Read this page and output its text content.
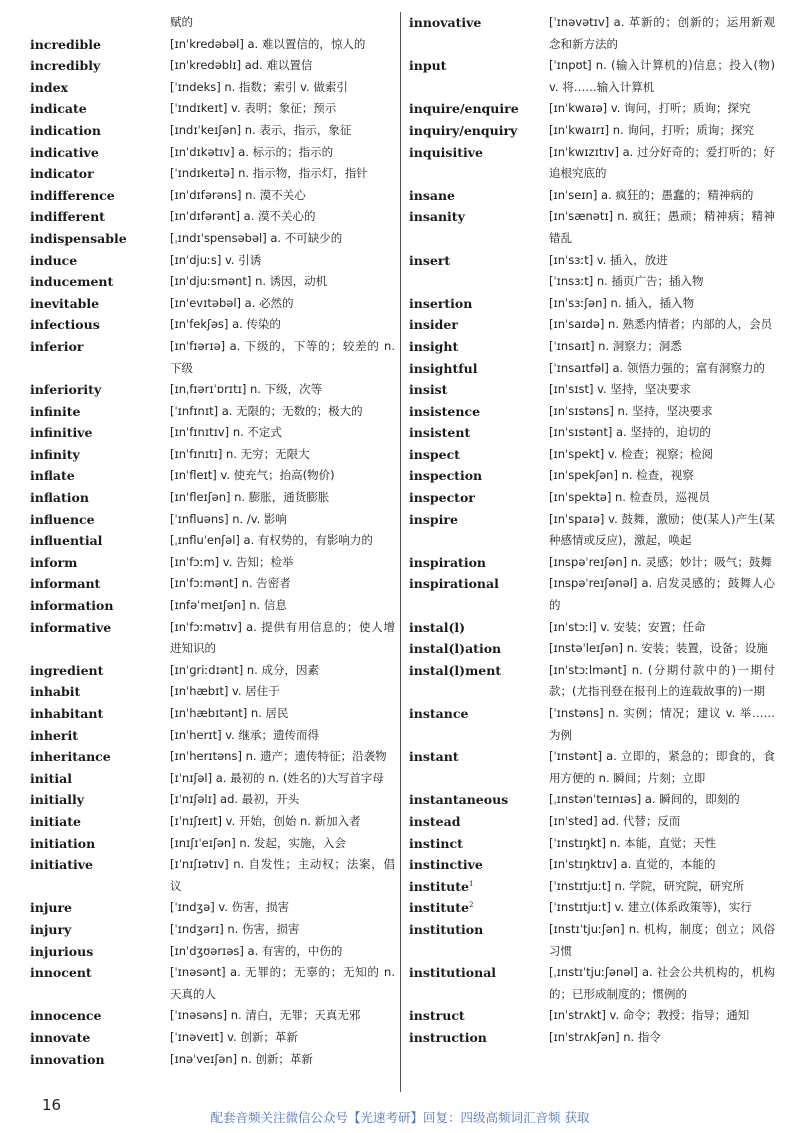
赋的
incredible	[ɪnˈkredəbəl] a. 难以置信的，惊人的
incredibly	[ɪnˈkredəblɪ] ad. 难以置信
index	[ˈɪndeks] n. 指数；索引 v. 做索引
indicate	[ˈɪndɪkeɪt] v. 表明；象征；预示
indication	[ɪndɪˈkeɪʃən] n. 表示，指示，象征
indicative	[ɪnˈdɪkətɪv] a. 标示的；指示的
indicator	[ˈɪndɪkeɪtə] n. 指示物，指示灯，指针
indifference	[ɪnˈdɪfərəns] n. 漠不关心
indifferent	[ɪnˈdɪfərənt] a. 漠不关心的
indispensable	[ˌɪndɪˈspensəbəl] a. 不可缺少的
induce	[ɪnˈdjuːs] v. 引诱
inducement	[ɪnˈdjuːsmənt] n. 诱因，动机
inevitable	[ɪnˈevɪtəbəl] a. 必然的
infectious	[ɪnˈfekʃəs] a. 传染的
inferior	[ɪnˈfɪərɪə] a. 下级的，下等的；较差的 n. 下级
inferiority	[ɪnˌfɪərɪˈɒrɪtɪ] n. 下级，次等
infinite	[ˈɪnfɪnɪt] a. 无限的；无数的；极大的
infinitive	[ɪnˈfɪnɪtɪv] n. 不定式
infinity	[ɪnˈfɪnɪtɪ] n. 无穷；无限大
inflate	[ɪnˈfleɪt] v. 使充气；抬高(物价)
inflation	[ɪnˈfleɪʃən] n. 膨胀，通货膨胀
influence	[ˈɪnfluəns] n. /v. 影响
influential	[ˌɪnfluˈenʃəl] a. 有权势的，有影响力的
inform	[ɪnˈfɔːm] v. 告知；检举
informant	[ɪnˈfɔːmənt] n. 告密者
information	[ɪnfəˈmeɪʃən] n. 信息
informative	[ɪnˈfɔːmətɪv] a. 提供有用信息的；使人增进知识的
ingredient	[ɪnˈɡriːdɪənt] n. 成分，因素
inhabit	[ɪnˈhæbɪt] v. 居住于
inhabitant	[ɪnˈhæbɪtənt] n. 居民
inherit	[ɪnˈherɪt] v. 继承；遗传而得
inheritance	[ɪnˈherɪtəns] n. 遗产；遗传特征；沿袭物
initial	[ɪˈnɪʃəl] a. 最初的 n. (姓名的)大写首字母
initially	[ɪˈnɪʃəlɪ] ad. 最初，开头
initiate	[ɪˈnɪʃɪeɪt] v. 开始，创始 n. 新加入者
initiation	[ɪnɪʃɪˈeɪʃən] n. 发起，实施，入会
initiative	[ɪˈnɪʃɪətɪv] n. 自发性；主动权；法案，倡议
injure	[ˈɪndʒə] v. 伤害，损害
injury	[ˈɪndʒərɪ] n. 伤害，损害
injurious	[ɪnˈdʒʊərɪəs] a. 有害的，中伤的
innocent	[ˈɪnəsənt] a. 无罪的；无辜的；无知的 n. 天真的人
innocence	[ˈɪnəsəns] n. 清白，无罪；天真无邪
innovate	[ˈɪnəveɪt] v. 创新；革新
innovation	[ɪnəˈveɪʃən] n. 创新；革新
innovative	[ˈɪnəvətɪv] a. 革新的；创新的；运用新观念和新方法的
input	[ˈɪnpʊt] n. (输入计算机的)信息；投入(物) v. 将……输入计算机
inquire/enquire	[ɪnˈkwaɪə] v. 询问，打听；质询；探究
inquiry/enquiry	[ɪnˈkwaɪrɪ] n. 询问，打听；质询；探究
inquisitive	[ɪnˈkwɪzɪtɪv] a. 过分好奇的；爱打听的；好追根究底的
insane	[ɪnˈseɪn] a. 疯狂的；愚蠢的；精神病的
insanity	[ɪnˈsænətɪ] n. 疯狂；愚顽；精神病；精神错乱
insert	[ɪnˈsɜːt] v. 插入，放进
[ˈɪnsɜːt] n. 插页广告；插入物
insertion	[ɪnˈsɜːʃən] n. 插入，插入物
insider	[ɪnˈsaɪdə] n. 熟悉内情者；内部的人，会员
insight	[ˈɪnsaɪt] n. 洞察力；洞悉
insightful	[ˈɪnsaɪtfəl] a. 领悟力强的；富有洞察力的
insist	[ɪnˈsɪst] v. 坚持，坚决要求
insistence	[ɪnˈsɪstəns] n. 坚持，坚决要求
insistent	[ɪnˈsɪstənt] a. 坚持的，迫切的
inspect	[ɪnˈspekt] v. 检查；视察；检阅
inspection	[ɪnˈspekʃən] n. 检查，视察
inspector	[ɪnˈspektə] n. 检查员，巡视员
inspire	[ɪnˈspaɪə] v. 鼓舞，激励；使(某人)产生(某种感情或反应)，激起，唤起
inspiration	[ɪnspəˈreɪʃən] n. 灵感；妙计；吸气；鼓舞
inspirational	[ɪnspəˈreɪʃənəl] a. 启发灵感的；鼓舞人心的
instal(l)	[ɪnˈstɔːl] v. 安装；安置；任命
instal(l)ation	[ɪnstəˈleɪʃən] n. 安装；装置，设备；设施
instal(l)ment	[ɪnˈstɔːlmənt] n. (分期付款中的)一期付款；(尤指刊登在报刊上的连载故事的)一期
instance	[ˈɪnstəns] n. 实例；情况；建议 v. 举……为例
instant	[ˈɪnstənt] a. 立即的，紧急的；即食的，食用方便的 n. 瞬间；片刻；立即
instantaneous	[ˌɪnstənˈteɪnɪəs] a. 瞬间的，即刻的
instead	[ɪnˈsted] ad. 代替；反而
instinct	[ˈɪnstɪŋkt] n. 本能，直觉；天性
instinctive	[ɪnˈstɪŋktɪv] a. 直觉的，本能的
institute$^1$	[ˈɪnstɪtjuːt] n. 学院，研究院，研究所
institute$^2$	[ˈɪnstɪtjuːt] v. 建立(体系政策等)，实行
institution	[ɪnstɪˈtjuːʃən] n. 机构，制度；创立；风俗习惯
institutional	[ˌɪnstɪˈtjuːʃənəl] a. 社会公共机构的，机构的；已形成制度的；惯例的
instruct	[ɪnˈstrʌkt] v. 命令；教授；指导；通知
instruction	[ɪnˈstrʌkʃən] n. 指令
16
配套音频关注微信公众号【光速考研】回复：四级高频词汇音频 获取
